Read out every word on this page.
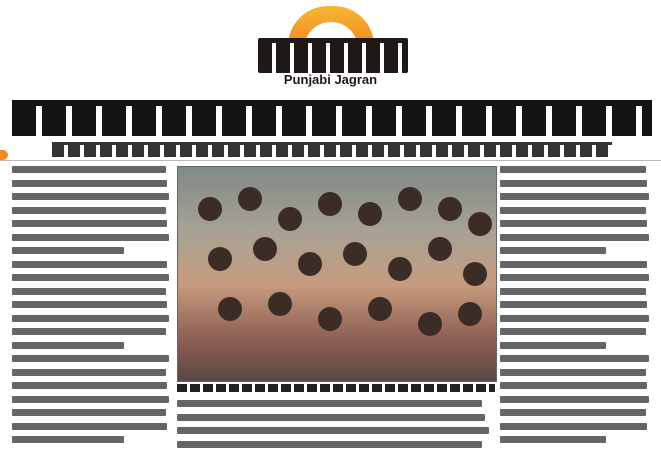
Punjabi Jagran
